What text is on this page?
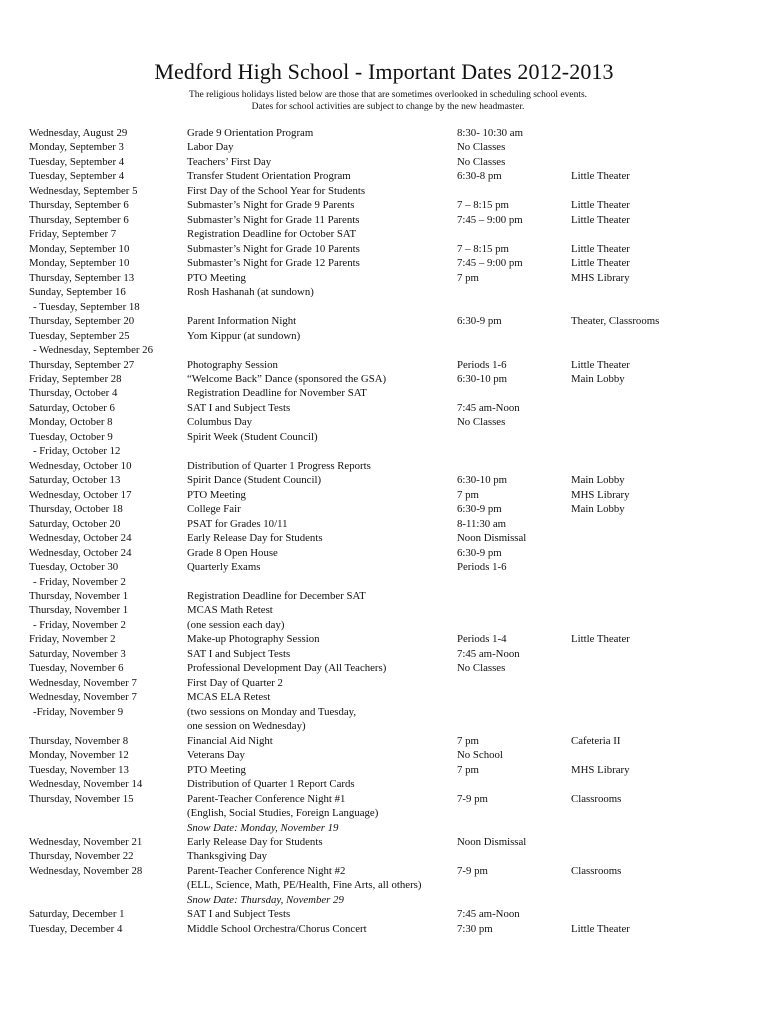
Medford High School - Important Dates 2012-2013
The religious holidays listed below are those that are sometimes overlooked in scheduling school events.
Dates for school activities are subject to change by the new headmaster.
Wednesday, August 29	Grade 9 Orientation Program	8:30- 10:30 am
Monday, September 3	Labor Day	No Classes
Tuesday, September 4	Teachers’ First Day	No Classes
Tuesday, September 4	Transfer Student Orientation Program	6:30-8 pm	Little Theater
Wednesday, September 5	First Day of the School Year for Students
Thursday, September 6	Submaster’s Night for Grade 9 Parents	7 – 8:15 pm	Little Theater
Thursday, September 6	Submaster’s Night for Grade 11 Parents	7:45 – 9:00 pm	Little Theater
Friday, September 7	Registration Deadline for October SAT
Monday, September 10	Submaster’s Night for Grade 10 Parents	7 – 8:15 pm	Little Theater
Monday, September 10	Submaster’s Night for Grade 12 Parents	7:45 – 9:00 pm	Little Theater
Thursday, September 13	PTO Meeting	7 pm	MHS Library
Sunday, September 16	Rosh Hashanah (at sundown)
- Tuesday, September 18
Thursday, September 20	Parent Information Night	6:30-9 pm	Theater, Classrooms
Tuesday, September 25	Yom Kippur (at sundown)
- Wednesday, September 26
Thursday, September 27	Photography Session	Periods 1-6	Little Theater
Friday, September 28	“Welcome Back” Dance (sponsored the GSA)	6:30-10 pm	Main Lobby
Thursday, October 4	Registration Deadline for November SAT
Saturday, October 6	SAT I and Subject Tests	7:45 am-Noon
Monday, October 8	Columbus Day	No Classes
Tuesday, October 9	Spirit Week (Student Council)
- Friday, October 12
Wednesday, October 10	Distribution of Quarter 1 Progress Reports
Saturday, October 13	Spirit Dance (Student Council)	6:30-10 pm	Main Lobby
Wednesday, October 17	PTO Meeting	7 pm	MHS Library
Thursday, October 18	College Fair	6:30-9 pm	Main Lobby
Saturday, October 20	PSAT for Grades 10/11	8-11:30 am
Wednesday, October 24	Early Release Day for Students	Noon Dismissal
Wednesday, October 24	Grade 8 Open House	6:30-9 pm
Tuesday, October 30	Quarterly Exams	Periods 1-6
- Friday, November 2
Thursday, November 1	Registration Deadline for December SAT
Thursday, November 1	MCAS Math Retest
- Friday, November 2	(one session each day)
Friday, November 2	Make-up Photography Session	Periods 1-4	Little Theater
Saturday, November 3	SAT I and Subject Tests	7:45 am-Noon
Tuesday, November 6	Professional Development Day (All Teachers)	No Classes
Wednesday, November 7	First Day of Quarter 2
Wednesday, November 7	MCAS ELA Retest
-Friday, November 9	(two sessions on Monday and Tuesday,
one session on Wednesday)
Thursday, November 8	Financial Aid Night	7 pm	Cafeteria II
Monday, November 12	Veterans Day	No School
Tuesday, November 13	PTO Meeting	7 pm	MHS Library
Wednesday, November 14	Distribution of Quarter 1 Report Cards
Thursday, November 15	Parent-Teacher Conference Night #1	7-9 pm	Classrooms
(English, Social Studies, Foreign Language)
Snow Date: Monday, November 19
Wednesday, November 21	Early Release Day for Students	Noon Dismissal
Thursday, November 22	Thanksgiving Day
Wednesday, November 28	Parent-Teacher Conference Night #2	7-9 pm	Classrooms
(ELL, Science, Math, PE/Health, Fine Arts, all others)
Snow Date: Thursday, November 29
Saturday, December 1	SAT I and Subject Tests	7:45 am-Noon
Tuesday, December 4	Middle School Orchestra/Chorus Concert	7:30 pm	Little Theater
